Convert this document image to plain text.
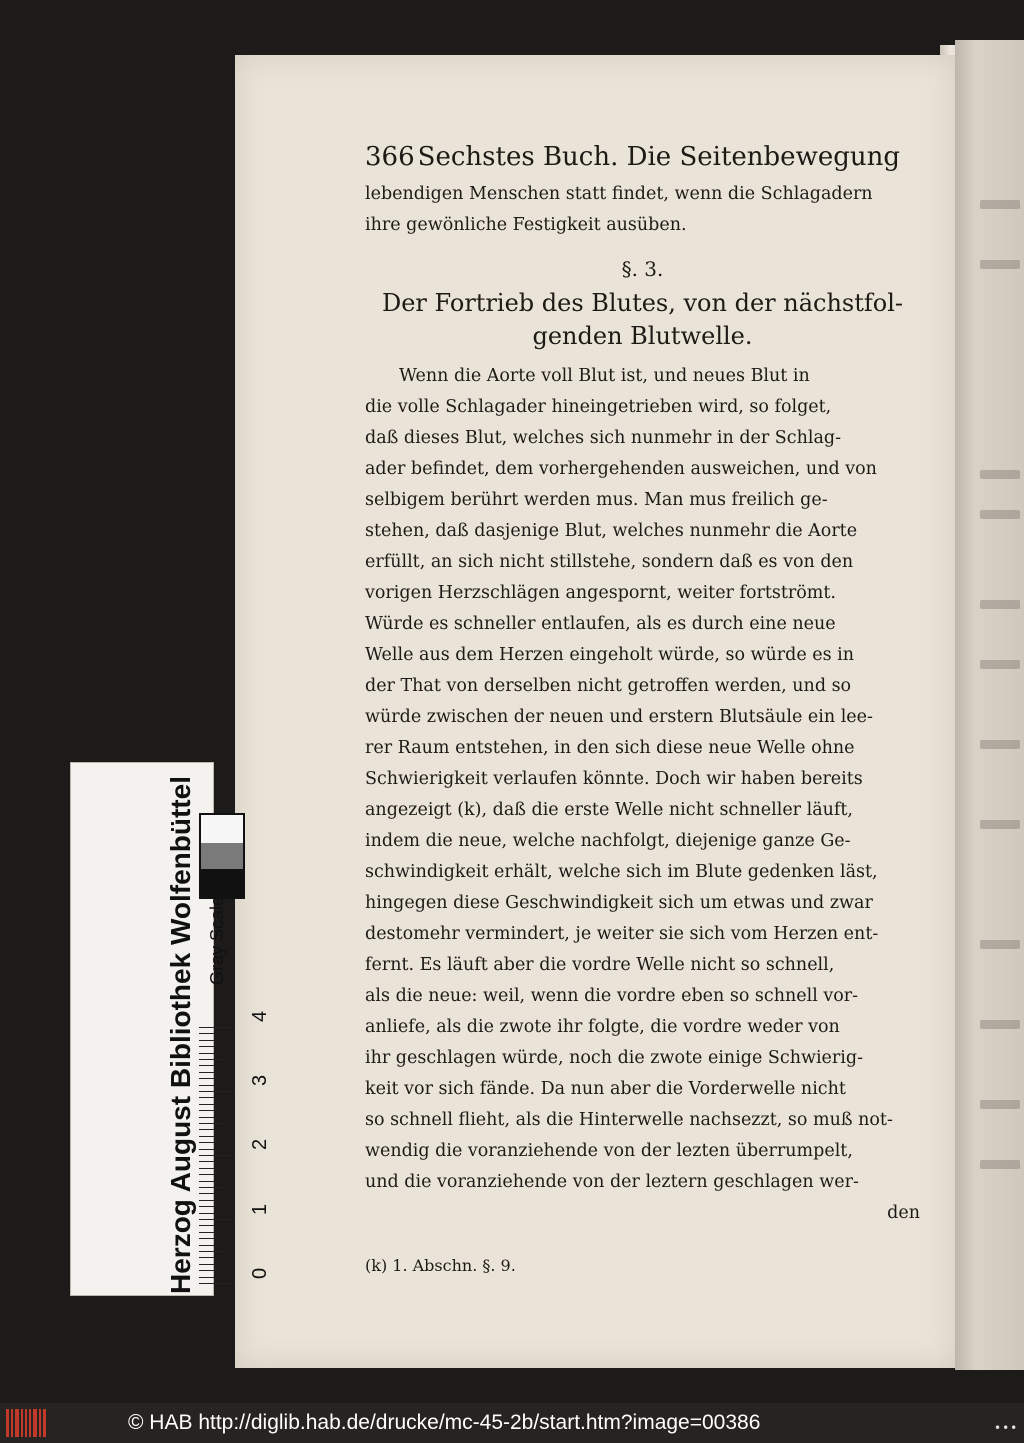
366 Sechstes Buch. Die Seitenbewegung
lebendigen Menschen statt findet, wenn die Schlagadern
ihre gewönliche Festigkeit ausüben.
§. 3.
Der Fortrieb des Blutes, von der nächstfol-
genden Blutwelle.
Wenn die Aorte voll Blut ist, und neues Blut in
die volle Schlagader hineingetrieben wird, so folget,
daß dieses Blut, welches sich nunmehr in der Schlag-
ader befindet, dem vorhergehenden ausweichen, und von
selbigem berührt werden mus. Man mus freilich ge-
stehen, daß dasjenige Blut, welches nunmehr die Aorte
erfüllt, an sich nicht stillstehe, sondern daß es von den
vorigen Herzschlägen angespornt, weiter fortströmt.
Würde es schneller entlaufen, als es durch eine neue
Welle aus dem Herzen eingeholt würde, so würde es in
der That von derselben nicht getroffen werden, und so
würde zwischen der neuen und erstern Blutsäule ein lee-
rer Raum entstehen, in den sich diese neue Welle ohne
Schwierigkeit verlaufen könnte. Doch wir haben bereits
angezeigt (k), daß die erste Welle nicht schneller läuft,
indem die neue, welche nachfolgt, diejenige ganze Ge-
schwindigkeit erhält, welche sich im Blute gedenken läst,
hingegen diese Geschwindigkeit sich um etwas und zwar
destomehr vermindert, je weiter sie sich vom Herzen ent-
fernt. Es läuft aber die vordre Welle nicht so schnell,
als die neue: weil, wenn die vordre eben so schnell vor-
anliefe, als die zwote ihr folgte, die vordre weder von
ihr geschlagen würde, noch die zwote einige Schwierig-
keit vor sich fände. Da nun aber die Vorderwelle nicht
so schnell flieht, als die Hinterwelle nachsezzt, so muß not-
wendig die voranziehende von der lezten überrumpelt,
und die voranziehende von der leztern geschlagen wer-
den
(k) 1. Abschn. §. 9.
Herzog August Bibliothek Wolfenbüttel Gray Scale
0
1
2
3
4
© HAB http://diglib.hab.de/drucke/mc-45-2b/start.htm?image=00386	•••
